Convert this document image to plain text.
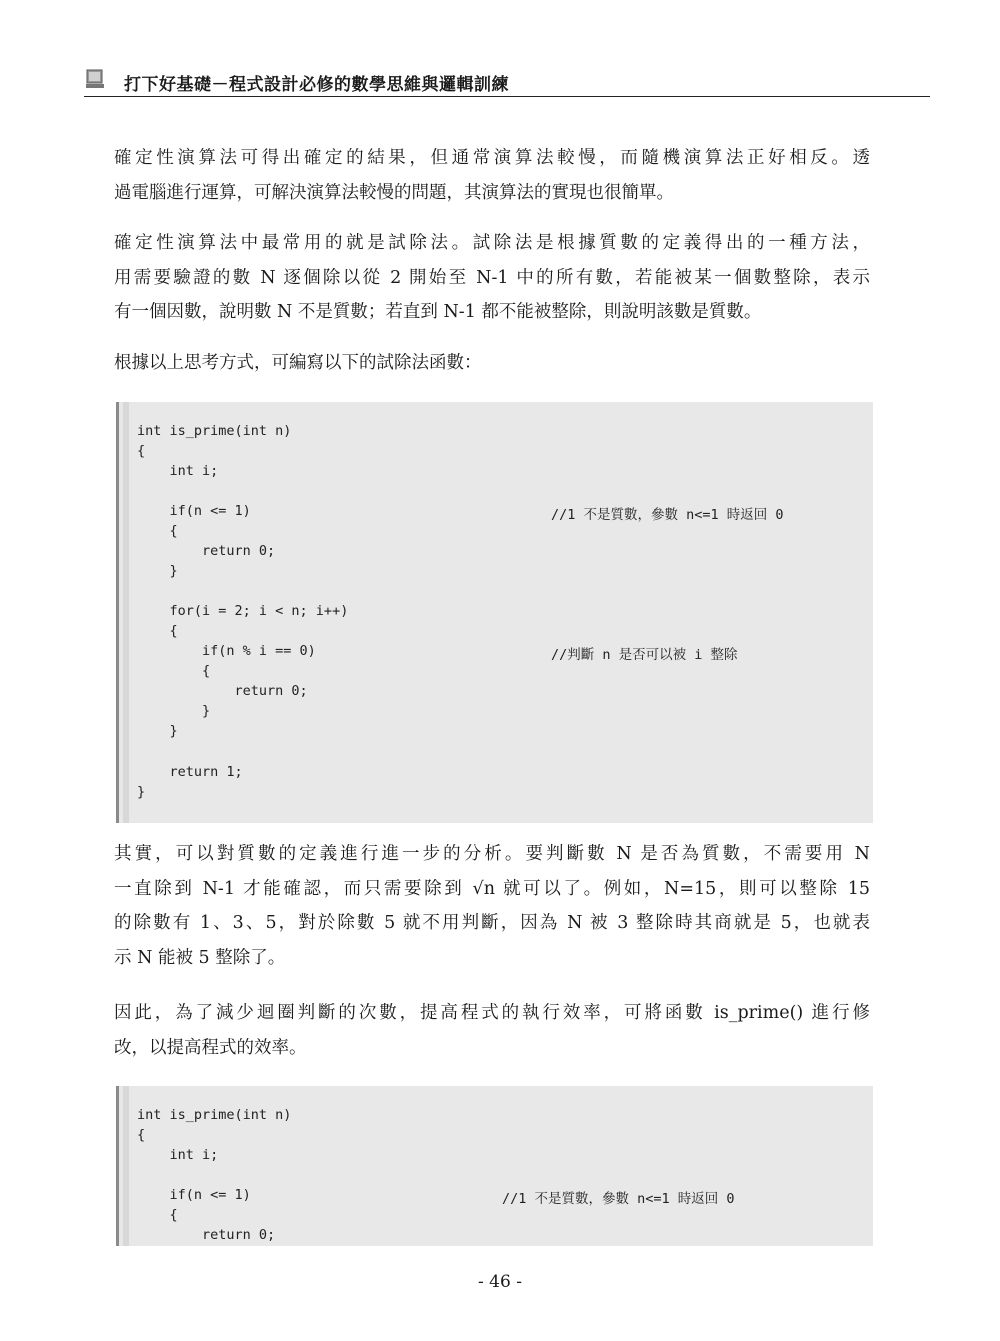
打下好基礎－程式設計必修的數學思維與邏輯訓練
確定性演算法可得出確定的結果，但通常演算法較慢，而隨機演算法正好相反。透
過電腦進行運算，可解決演算法較慢的問題，其演算法的實現也很簡單。
確定性演算法中最常用的就是試除法。試除法是根據質數的定義得出的一種方法，
用需要驗證的數 N 逐個除以從 2 開始至 N-1 中的所有數，若能被某一個數整除，表示
有一個因數，說明數 N 不是質數；若直到 N-1 都不能被整除，則說明該數是質數。
根據以上思考方式，可編寫以下的試除法函數：
int is_prime(int n)
{
int i;
if(n <= 1)	//1 不是質數，參數 n<=1 時返回 0
{
return 0;
}
for(i = 2; i < n; i++)
{
if(n % i == 0)	//判斷 n 是否可以被 i 整除
{
return 0;
}
}
return 1;
}
其實，可以對質數的定義進行進一步的分析。要判斷數 N 是否為質數，不需要用 N
一直除到 N-1 才能確認，而只需要除到 √n 就可以了。例如，N=15，則可以整除 15
的除數有 1、3、5，對於除數 5 就不用判斷，因為 N 被 3 整除時其商就是 5，也就表
示 N 能被 5 整除了。
因此，為了減少迴圈判斷的次數，提高程式的執行效率，可將函數 is_prime() 進行修
改，以提高程式的效率。
int is_prime(int n)
{
int i;
if(n <= 1)	//1 不是質數，參數 n<=1 時返回 0
{
return 0;
- 46 -
